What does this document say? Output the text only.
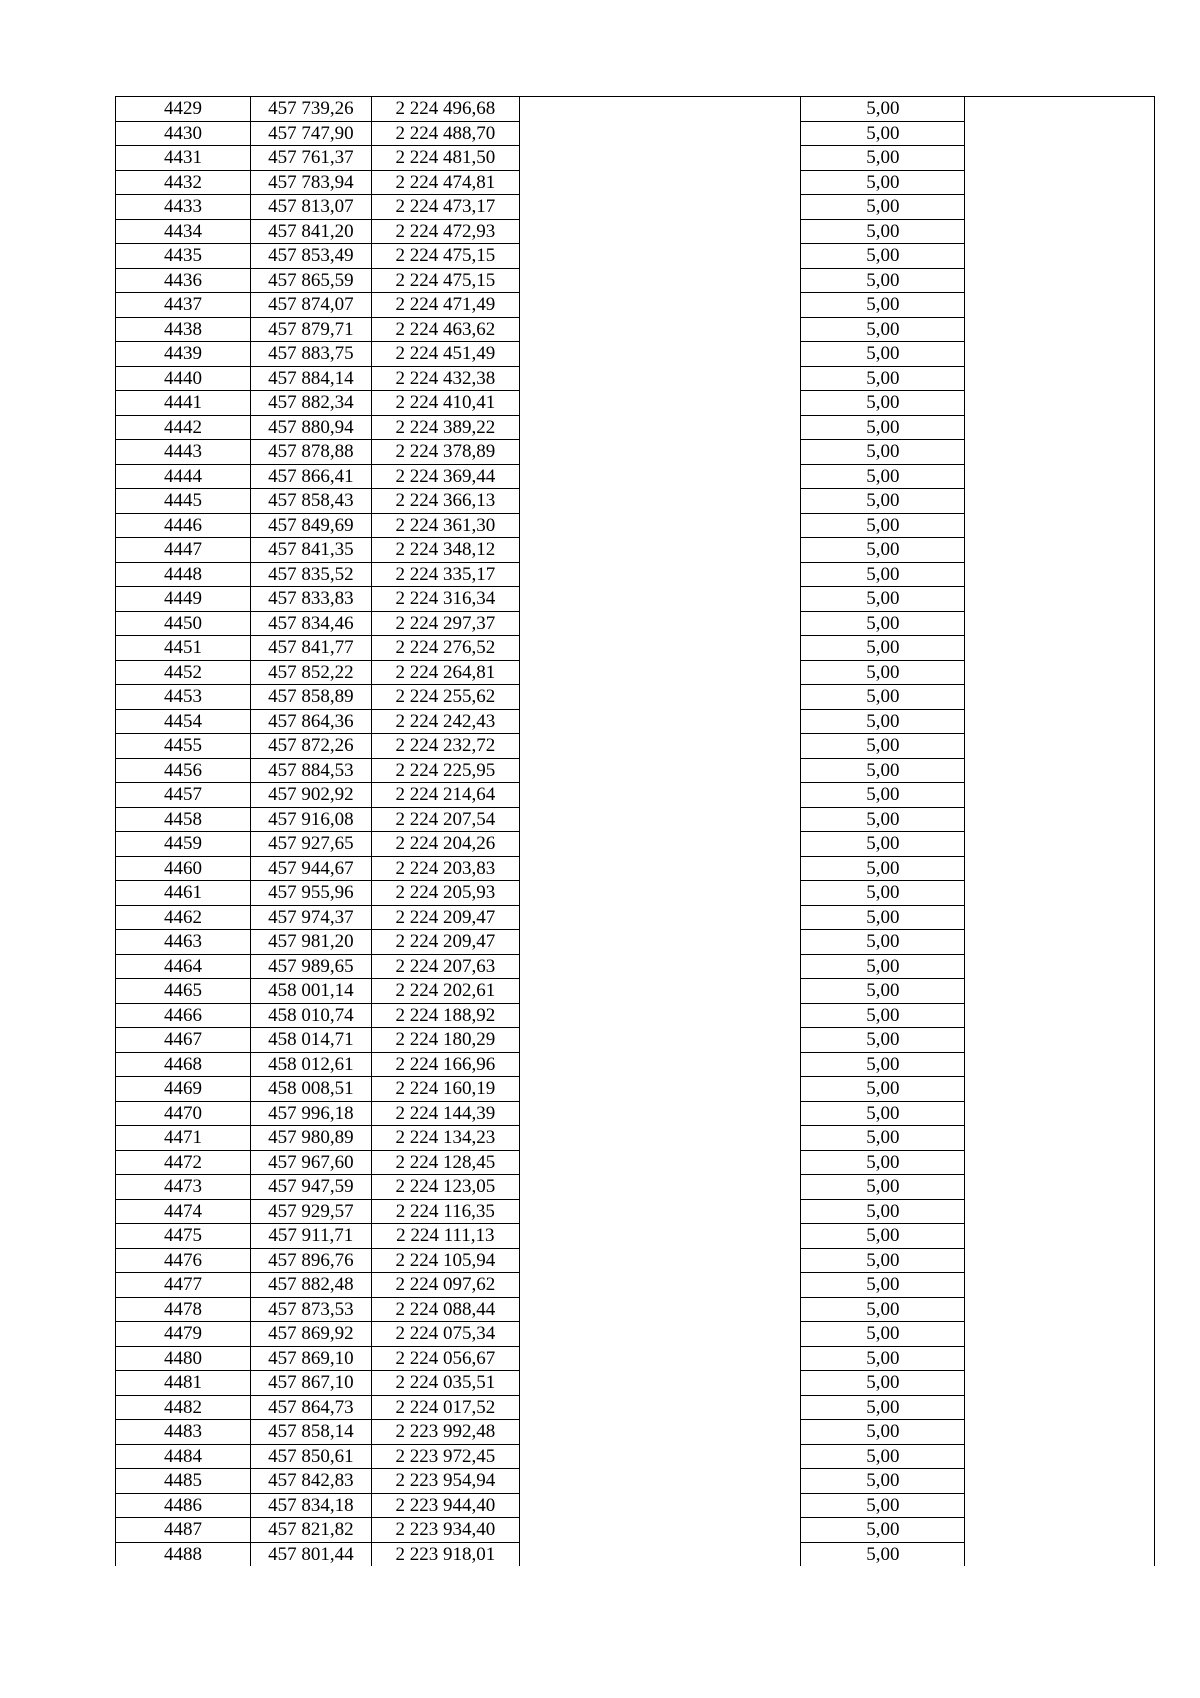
4429	457 739,26	2 224 496,68		5,00	
4430	457 747,90	2 224 488,70		5,00	
4431	457 761,37	2 224 481,50		5,00	
4432	457 783,94	2 224 474,81		5,00	
4433	457 813,07	2 224 473,17		5,00	
4434	457 841,20	2 224 472,93		5,00	
4435	457 853,49	2 224 475,15		5,00	
4436	457 865,59	2 224 475,15		5,00	
4437	457 874,07	2 224 471,49		5,00	
4438	457 879,71	2 224 463,62		5,00	
4439	457 883,75	2 224 451,49		5,00	
4440	457 884,14	2 224 432,38		5,00	
4441	457 882,34	2 224 410,41		5,00	
4442	457 880,94	2 224 389,22		5,00	
4443	457 878,88	2 224 378,89		5,00	
4444	457 866,41	2 224 369,44		5,00	
4445	457 858,43	2 224 366,13		5,00	
4446	457 849,69	2 224 361,30		5,00	
4447	457 841,35	2 224 348,12		5,00	
4448	457 835,52	2 224 335,17		5,00	
4449	457 833,83	2 224 316,34		5,00	
4450	457 834,46	2 224 297,37		5,00	
4451	457 841,77	2 224 276,52		5,00	
4452	457 852,22	2 224 264,81		5,00	
4453	457 858,89	2 224 255,62		5,00	
4454	457 864,36	2 224 242,43		5,00	
4455	457 872,26	2 224 232,72		5,00	
4456	457 884,53	2 224 225,95		5,00	
4457	457 902,92	2 224 214,64		5,00	
4458	457 916,08	2 224 207,54		5,00	
4459	457 927,65	2 224 204,26		5,00	
4460	457 944,67	2 224 203,83		5,00	
4461	457 955,96	2 224 205,93		5,00	
4462	457 974,37	2 224 209,47		5,00	
4463	457 981,20	2 224 209,47		5,00	
4464	457 989,65	2 224 207,63		5,00	
4465	458 001,14	2 224 202,61		5,00	
4466	458 010,74	2 224 188,92		5,00	
4467	458 014,71	2 224 180,29		5,00	
4468	458 012,61	2 224 166,96		5,00	
4469	458 008,51	2 224 160,19		5,00	
4470	457 996,18	2 224 144,39		5,00	
4471	457 980,89	2 224 134,23		5,00	
4472	457 967,60	2 224 128,45		5,00	
4473	457 947,59	2 224 123,05		5,00	
4474	457 929,57	2 224 116,35		5,00	
4475	457 911,71	2 224 111,13		5,00	
4476	457 896,76	2 224 105,94		5,00	
4477	457 882,48	2 224 097,62		5,00	
4478	457 873,53	2 224 088,44		5,00	
4479	457 869,92	2 224 075,34		5,00	
4480	457 869,10	2 224 056,67		5,00	
4481	457 867,10	2 224 035,51		5,00	
4482	457 864,73	2 224 017,52		5,00	
4483	457 858,14	2 223 992,48		5,00	
4484	457 850,61	2 223 972,45		5,00	
4485	457 842,83	2 223 954,94		5,00	
4486	457 834,18	2 223 944,40		5,00	
4487	457 821,82	2 223 934,40		5,00	
4488	457 801,44	2 223 918,01		5,00	
